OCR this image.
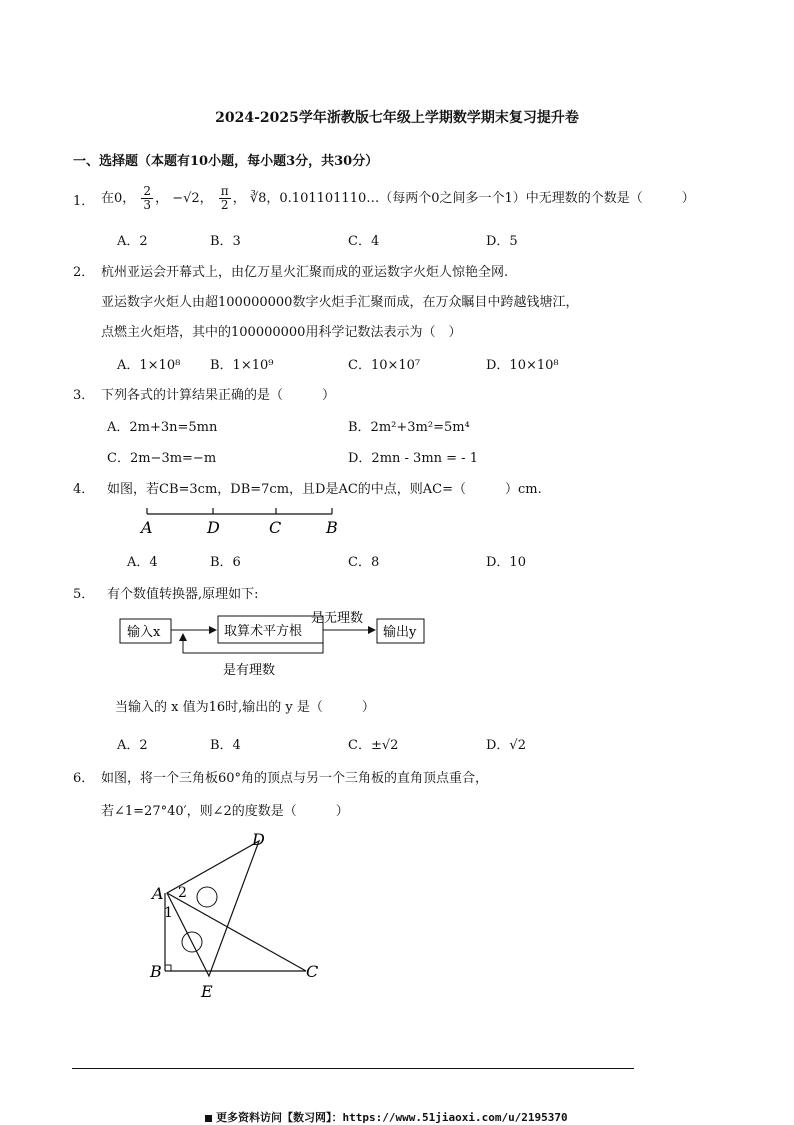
2024-2025学年浙教版七年级上学期数学期末复习提升卷
一、选择题（本题有10小题，每小题3分，共30分）
1． 在0， $\frac{2}{3}$ ， −√2， $\frac{\pi}{2}$ ， ∛8，0.101101110…（每两个0之间多一个1）中无理数的个数是（　　　）
A．2	B．3	C．4	D．5
2． 杭州亚运会开幕式上，由亿万星火汇聚而成的亚运数字火炬人惊艳全网.
亚运数字火炬人由超100000000数字火炬手汇聚而成，在万众瞩目中跨越钱塘江，
点燃主火炬塔，其中的100000000用科学记数法表示为（　）
A．1×10⁸ B．1×10⁹	C．10×10⁷	D．10×10⁸
3． 下列各式的计算结果正确的是（　　　）
A．2m+3n=5mn	B．2m²+3m²=5m⁴
C．2m−3m=−m	D．2mn - 3mn = - 1
4． 如图，若CB=3cm，DB=7cm，且D是AC的中点，则AC=（　　　）cm.
A	D	C	B
A．4	B．6	C．8	D．10
5． 有个数值转换器,原理如下:
输入x	取算术平方根
是无理数
输出y
是有理数
当输入的 x 值为16时,输出的 y 是（　　　）
A．2	B．4	C．±√2	D．√2
6． 如图，将一个三角板60°角的顶点与另一个三角板的直角顶点重合，
若∠1=27°40′，则∠2的度数是（　　　）
A
B	C
D
E
1
2
更多资料访问【数习网】：https://www.51jiaoxi.com/u/2195370
